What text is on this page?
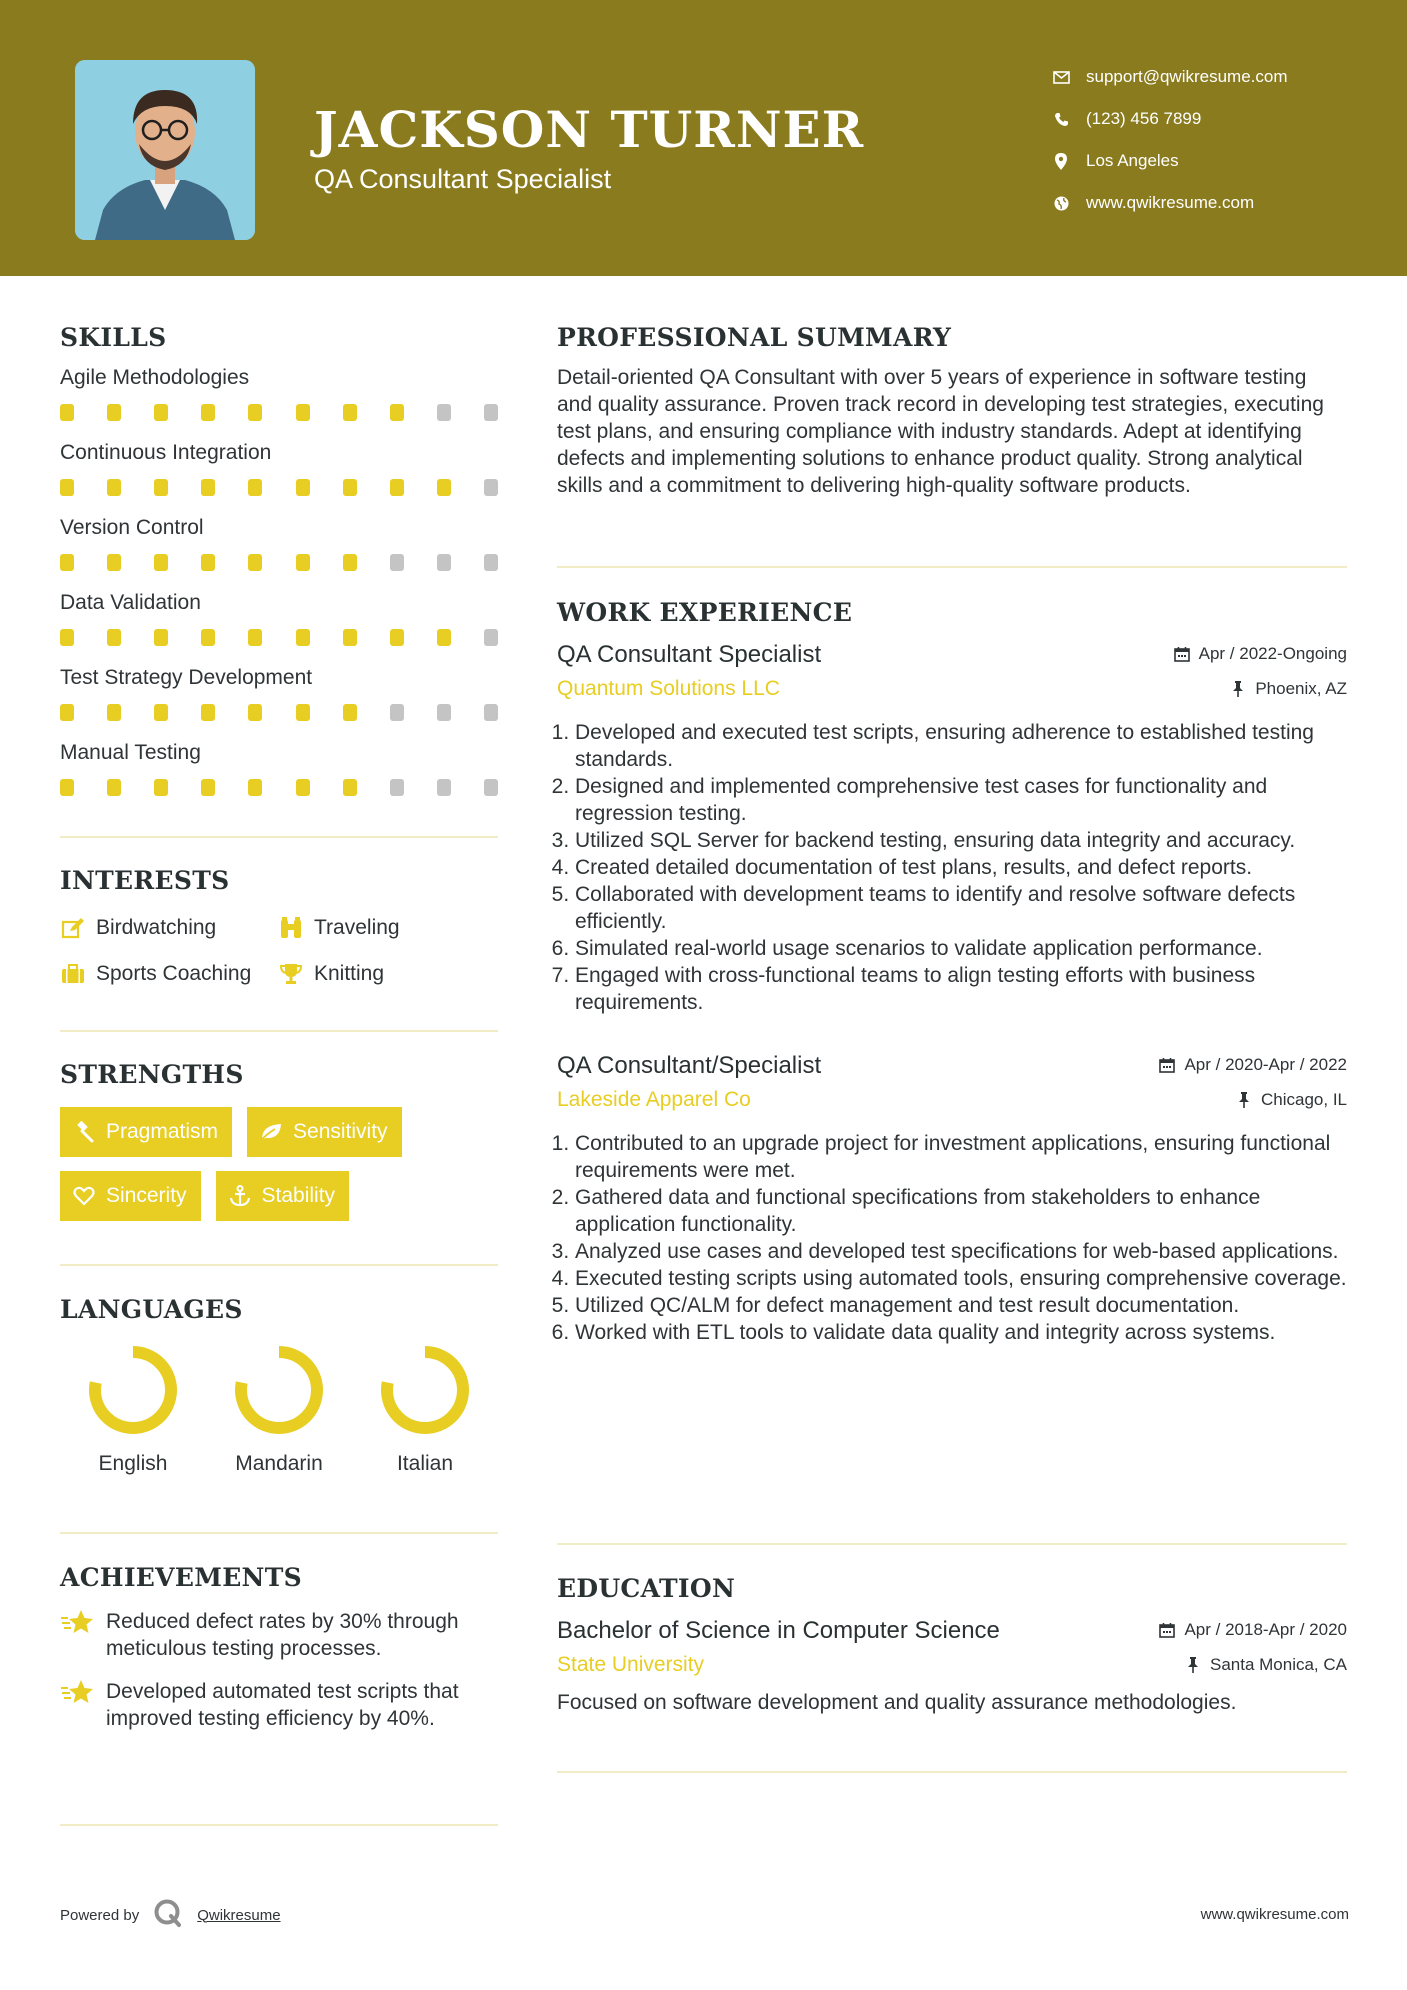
JACKSON TURNER
QA Consultant Specialist
support@qwikresume.com
(123) 456 7899
Los Angeles
www.qwikresume.com
SKILLS
Agile Methodologies
Continuous Integration
Version Control
Data Validation
Test Strategy Development
Manual Testing
INTERESTS
Birdwatching	Traveling
Sports Coaching	Knitting
STRENGTHS
Pragmatism	Sensitivity
Sincerity	Stability
LANGUAGES
English	Mandarin	Italian
ACHIEVEMENTS
Reduced defect rates by 30% through meticulous testing processes.
Developed automated test scripts that improved testing efficiency by 40%.
PROFESSIONAL SUMMARY
Detail-oriented QA Consultant with over 5 years of experience in software testing and quality assurance. Proven track record in developing test strategies, executing test plans, and ensuring compliance with industry standards. Adept at identifying defects and implementing solutions to enhance product quality. Strong analytical skills and a commitment to delivering high-quality software products.
WORK EXPERIENCE
QA Consultant Specialist	Apr / 2022-Ongoing
Quantum Solutions LLC	Phoenix, AZ
1. Developed and executed test scripts, ensuring adherence to established testing standards.
2. Designed and implemented comprehensive test cases for functionality and regression testing.
3. Utilized SQL Server for backend testing, ensuring data integrity and accuracy.
4. Created detailed documentation of test plans, results, and defect reports.
5. Collaborated with development teams to identify and resolve software defects efficiently.
6. Simulated real-world usage scenarios to validate application performance.
7. Engaged with cross-functional teams to align testing efforts with business requirements.
QA Consultant/Specialist	Apr / 2020-Apr / 2022
Lakeside Apparel Co	Chicago, IL
1. Contributed to an upgrade project for investment applications, ensuring functional requirements were met.
2. Gathered data and functional specifications from stakeholders to enhance application functionality.
3. Analyzed use cases and developed test specifications for web-based applications.
4. Executed testing scripts using automated tools, ensuring comprehensive coverage.
5. Utilized QC/ALM for defect management and test result documentation.
6. Worked with ETL tools to validate data quality and integrity across systems.
EDUCATION
Bachelor of Science in Computer Science	Apr / 2018-Apr / 2020
State University	Santa Monica, CA
Focused on software development and quality assurance methodologies.
Powered by	Qwikresume	www.qwikresume.com
